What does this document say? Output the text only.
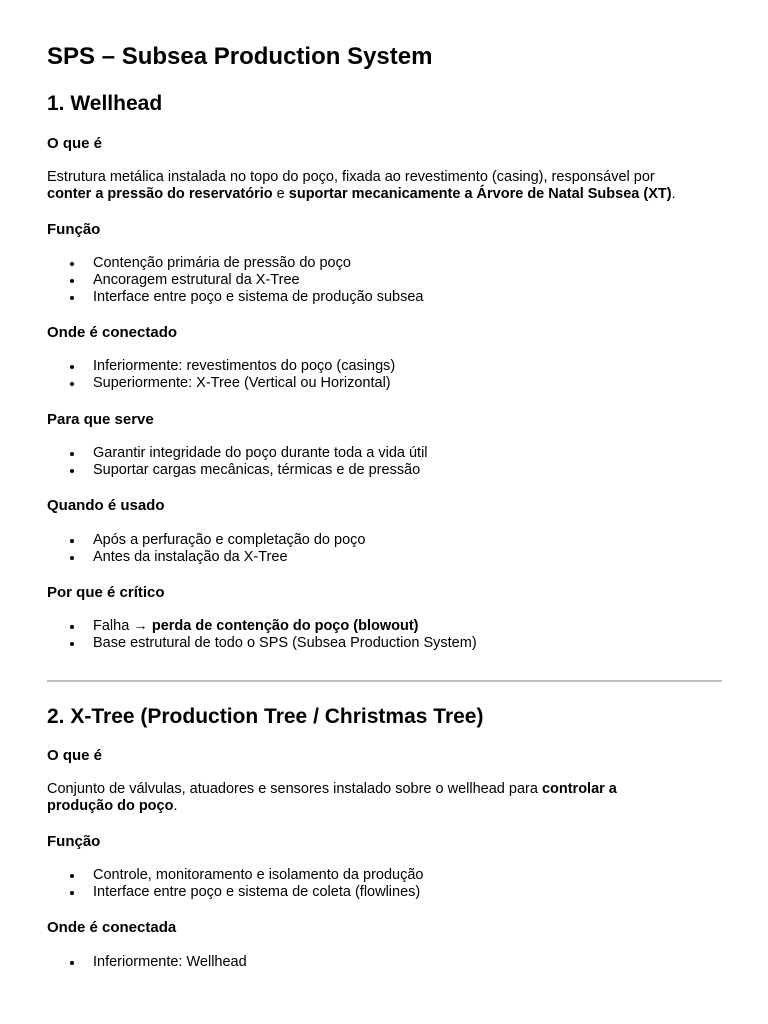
SPS – Subsea Production System
1. Wellhead
O que é

Estrutura metálica instalada no topo do poço, fixada ao revestimento (casing), responsável por
conter a pressão do reservatório e suportar mecanicamente a Árvore de Natal Subsea (XT).

Função
Contenção primária de pressão do poço
Ancoragem estrutural da X-Tree
Interface entre poço e sistema de produção subsea
Onde é conectado
Inferiormente: revestimentos do poço (casings)
Superiormente: X-Tree (Vertical ou Horizontal)
Para que serve
Garantir integridade do poço durante toda a vida útil
Suportar cargas mecânicas, térmicas e de pressão
Quando é usado
Após a perfuração e completação do poço
Antes da instalação da X-Tree
Por que é crítico
Falha → perda de contenção do poço (blowout)
Base estrutural de todo o SPS (Subsea Production System)
2. X-Tree (Production Tree / Christmas Tree)
O que é

Conjunto de válvulas, atuadores e sensores instalado sobre o wellhead para controlar a
produção do poço.

Função
Controle, monitoramento e isolamento da produção
Interface entre poço e sistema de coleta (flowlines)
Onde é conectada
Inferiormente: Wellhead
